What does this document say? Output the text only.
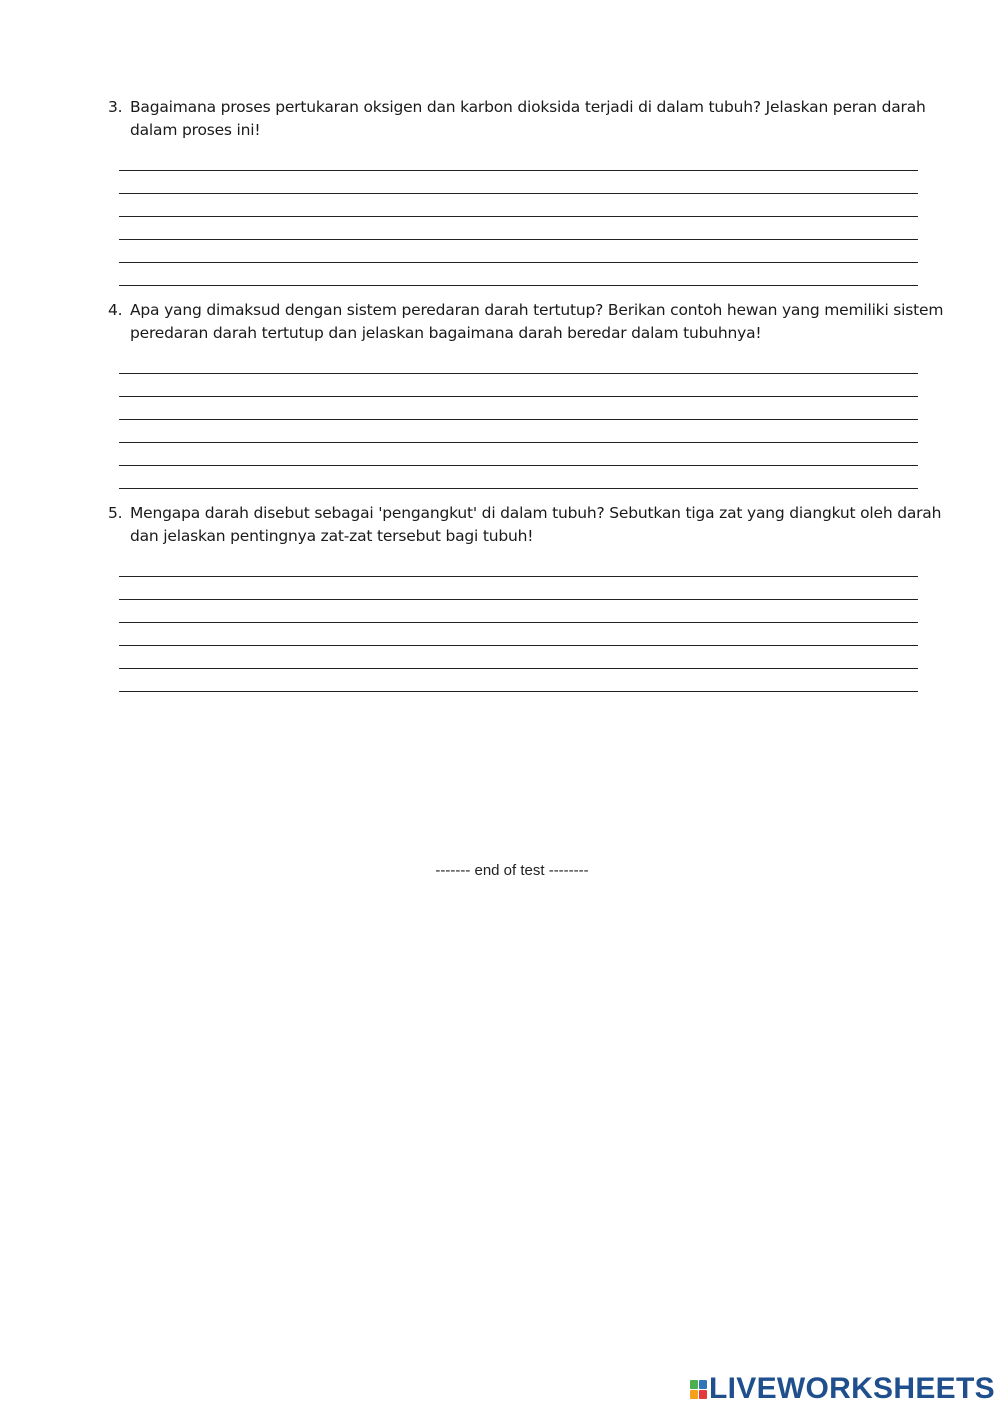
3. Bagaimana proses pertukaran oksigen dan karbon dioksida terjadi di dalam tubuh? Jelaskan peran darah
dalam proses ini!
4. Apa yang dimaksud dengan sistem peredaran darah tertutup? Berikan contoh hewan yang memiliki sistem
peredaran darah tertutup dan jelaskan bagaimana darah beredar dalam tubuhnya!
5. Mengapa darah disebut sebagai 'pengangkut' di dalam tubuh? Sebutkan tiga zat yang diangkut oleh darah
dan jelaskan pentingnya zat-zat tersebut bagi tubuh!
------- end of test --------
LIVEWORKSHEETS
